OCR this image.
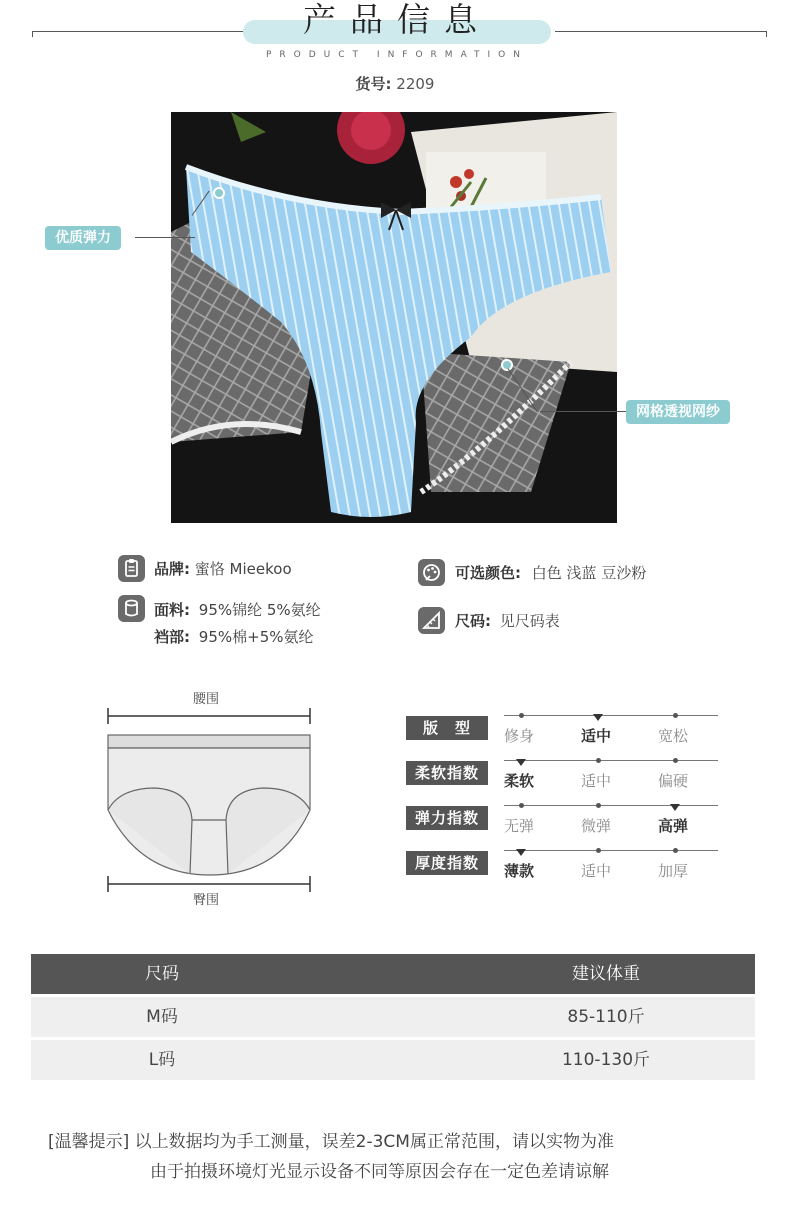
产品信息
PRODUCT INFORMATION
货号: 2209
优质弹力
网格透视网纱
品牌: 蜜恪 Mieekoo
面料: 95%锦纶 5%氨纶
裆部: 95%棉+5%氨纶
可选颜色: 白色 浅蓝 豆沙粉
尺码: 见尺码表
腰围
臀围
版　型	修身	适中	宽松
柔软指数	柔软	适中	偏硬
弹力指数	无弹	微弹	高弹
厚度指数	薄款	适中	加厚
尺码	建议体重
M码	85-110斤
L码	110-130斤
[温馨提示] 以上数据均为手工测量，误差2-3CM属正常范围，请以实物为准
由于拍摄环境灯光显示设备不同等原因会存在一定色差请谅解
